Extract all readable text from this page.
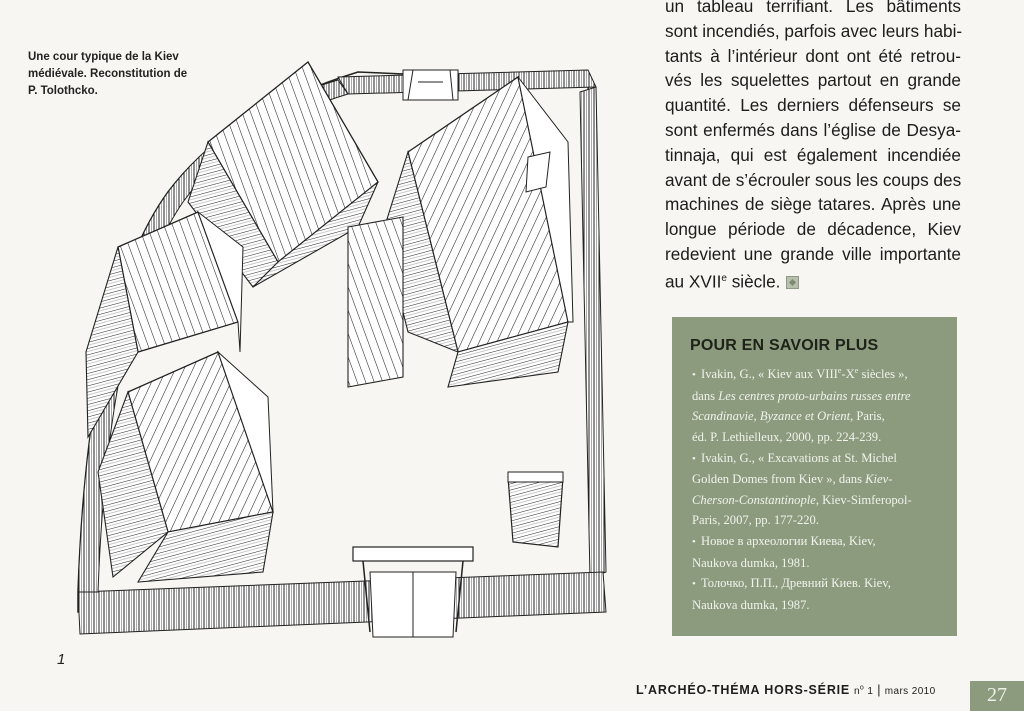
Une cour typique de la Kiev
médiévale. Reconstitution de
P. Tolothcko.
1
un tableau terrifiant. Les bâtiments
sont incendiés, parfois avec leurs habi-
tants à l’intérieur dont ont été retrou-
vés les squelettes partout en grande
quantité. Les derniers défenseurs se
sont enfermés dans l’église de Desya-
tinnaja, qui est également incendiée
avant de s’écrouler sous les coups des
machines de siège tatares. Après une
longue période de décadence, Kiev
redevient une grande ville importante
au XVIIe siècle.
POUR EN SAVOIR PLUS
• Ivakin, G., « Kiev aux VIIIe-Xe siècles »,
dans Les centres proto-urbains russes entre
Scandinavie, Byzance et Orient, Paris,
éd. P. Lethielleux, 2000, pp. 224-239.
• Ivakin, G., « Excavations at St. Michel
Golden Domes from Kiev », dans Kiev-
Cherson-Constantinople, Kiev-Simferopol-
Paris, 2007, pp. 177-220.
• Новое в археологии Киева, Kiev,
Naukova dumka, 1981.
• Толочко, П.П., Древний Киев. Kiev,
Naukova dumka, 1987.
L’ARCHÉO-THÉMA HORS-SÉRIE $n^o$ 1 | mars 2010	27
